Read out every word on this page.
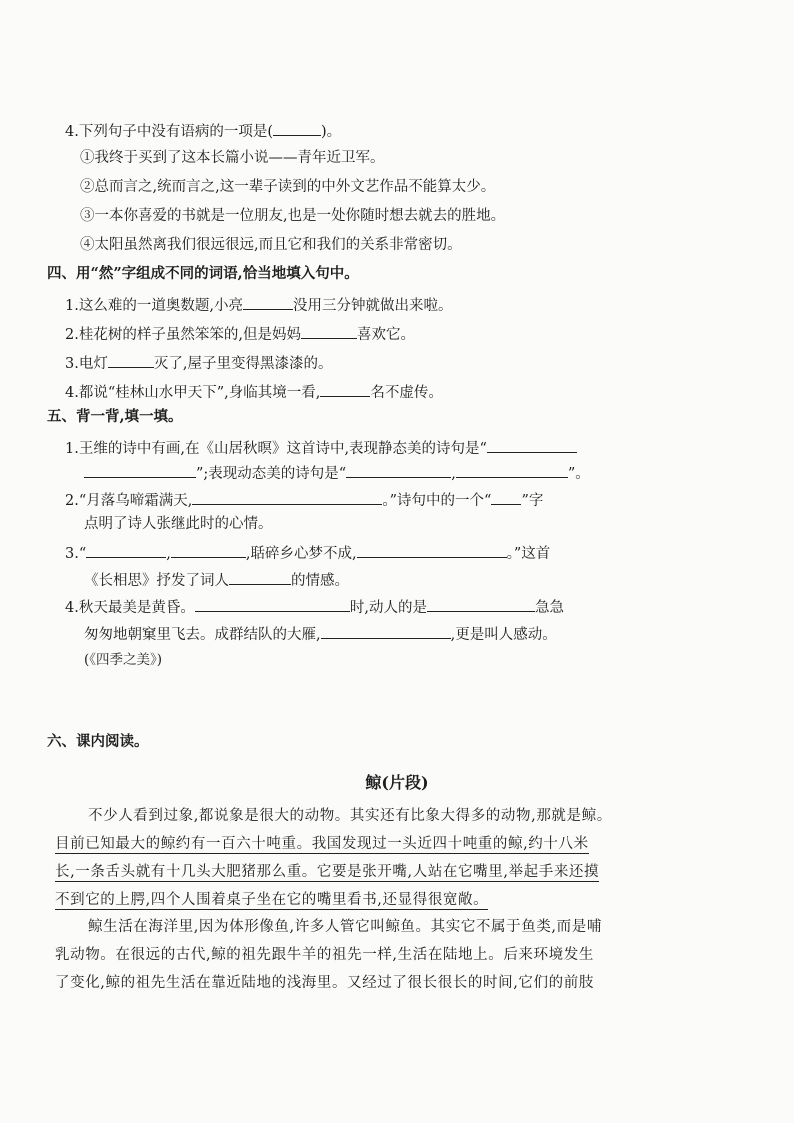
4.下列句子中没有语病的一项是(	)。
①我终于买到了这本长篇小说——青年近卫军。
②总而言之,统而言之,这一辈子读到的中外文艺作品不能算太少。
③一本你喜爱的书就是一位朋友,也是一处你随时想去就去的胜地。
④太阳虽然离我们很远很远,而且它和我们的关系非常密切。
四、用“然”字组成不同的词语,恰当地填入句中。
1.这么难的一道奥数题,小亮	没用三分钟就做出来啦。
2.桂花树的样子虽然笨笨的,但是妈妈	喜欢它。
3.电灯	灭了,屋子里变得黑漆漆的。
4.都说“桂林山水甲天下”,身临其境一看,	名不虚传。
五、背一背,填一填。
1.王维的诗中有画,在《山居秋暝》这首诗中,表现静态美的诗句是“
”;表现动态美的诗句是“	,	”。
2.“月落乌啼霜满天,	。”诗句中的一个“ ”字
点明了诗人张继此时的心情。
3.“	,	,聒碎乡心梦不成,	。”这首
《长相思》抒发了词人	的情感。
4.秋天最美是黄昏。	时,动人的是	急急
匆匆地朝窠里飞去。成群结队的大雁,	,更是叫人感动。
(《四季之美》)
六、课内阅读。
鲸(片段)
不少人看到过象,都说象是很大的动物。其实还有比象大得多的动物,那就是鲸。
目前已知最大的鲸约有一百六十吨重。我国发现过一头近四十吨重的鲸,约十八米
长,一条舌头就有十几头大肥猪那么重。它要是张开嘴,人站在它嘴里,举起手来还摸
不到它的上腭,四个人围着桌子坐在它的嘴里看书,还显得很宽敞。
鲸生活在海洋里,因为体形像鱼,许多人管它叫鲸鱼。其实它不属于鱼类,而是哺
乳动物。在很远的古代,鲸的祖先跟牛羊的祖先一样,生活在陆地上。后来环境发生
了变化,鲸的祖先生活在靠近陆地的浅海里。又经过了很长很长的时间,它们的前肢
